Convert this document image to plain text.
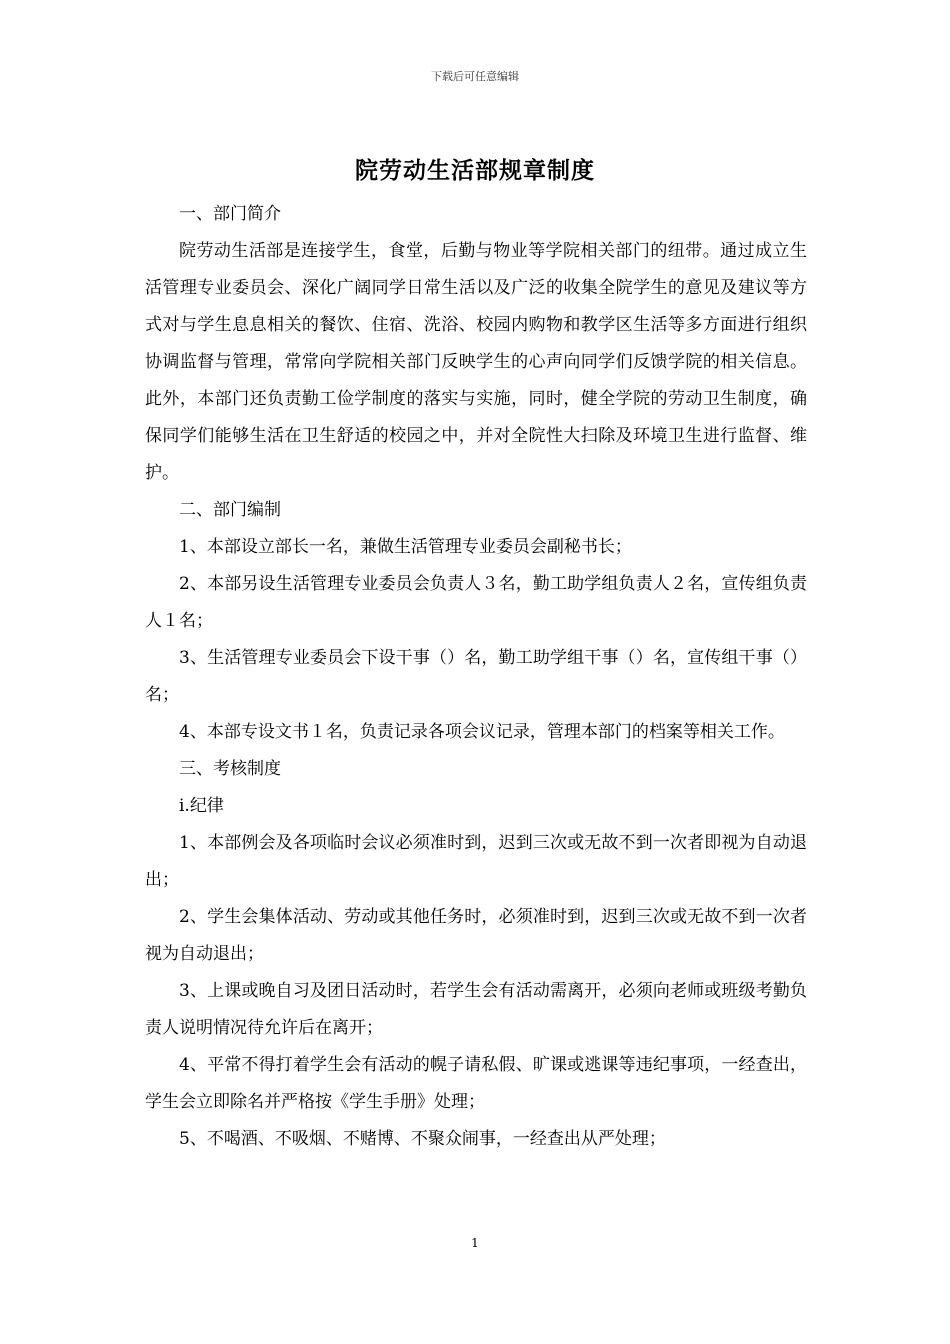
下载后可任意编辑
院劳动生活部规章制度

一、部门简介

院劳动生活部是连接学生，食堂，后勤与物业等学院相关部门的纽带。通过成立生活管理专业委员会、深化广阔同学日常生活以及广泛的收集全院学生的意见及建议等方式对与学生息息相关的餐饮、住宿、洗浴、校园内购物和教学区生活等多方面进行组织协调监督与管理，常常向学院相关部门反映学生的心声向同学们反馈学院的相关信息。此外，本部门还负责勤工俭学制度的落实与实施，同时，健全学院的劳动卫生制度，确保同学们能够生活在卫生舒适的校园之中，并对全院性大扫除及环境卫生进行监督、维护。

二、部门编制

1、本部设立部长一名，兼做生活管理专业委员会副秘书长；

2、本部另设生活管理专业委员会负责人３名，勤工助学组负责人２名，宣传组负责人１名；

3、生活管理专业委员会下设干事（）名，勤工助学组干事（）名，宣传组干事（）名；

4、本部专设文书１名，负责记录各项会议记录，管理本部门的档案等相关工作。

三、考核制度

i.纪律

1、本部例会及各项临时会议必须准时到，迟到三次或无故不到一次者即视为自动退出；

2、学生会集体活动、劳动或其他任务时，必须准时到，迟到三次或无故不到一次者视为自动退出；

3、上课或晚自习及团日活动时，若学生会有活动需离开，必须向老师或班级考勤负责人说明情况待允许后在离开；

4、平常不得打着学生会有活动的幌子请私假、旷课或逃课等违纪事项，一经查出，学生会立即除名并严格按《学生手册》处理；

5、不喝酒、不吸烟、不赌博、不聚众闹事，一经查出从严处理；

1
